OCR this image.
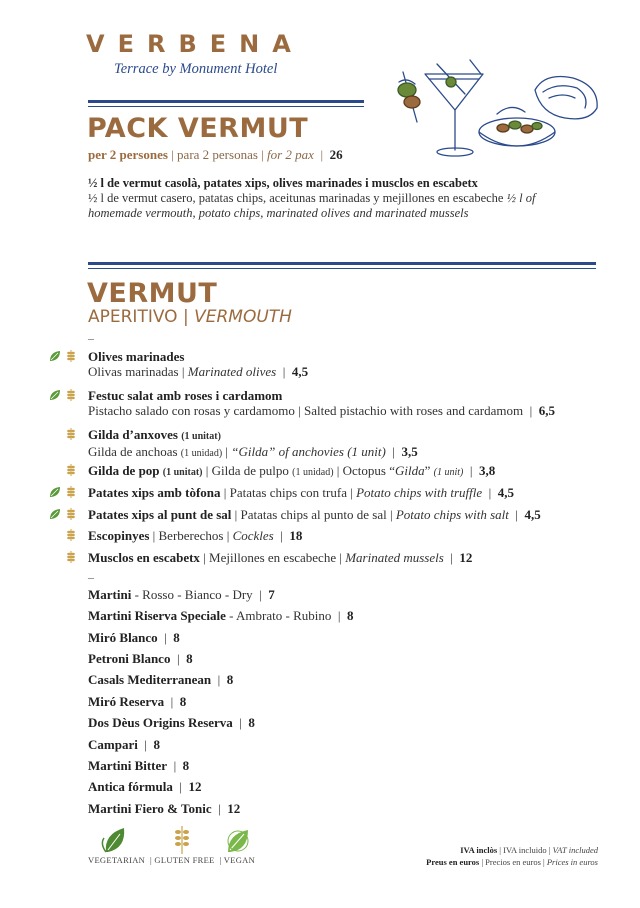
VERBENA
Terrace by Monument Hotel
PACK VERMUT
per 2 persones | para 2 personas | for 2 pax | 26
½ l de vermut casolà, patates xips, olives marinades i musclos en escabetx
½ l de vermut casero, patatas chips, aceitunas marinadas y mejillones en escabeche ½ l of homemade vermouth, potato chips, marinated olives and marinated mussels
VERMUT
APERITIVO | VERMOUTH
–
Olives marinades
Olivas marinadas | Marinated olives | 4,5
Festuc salat amb roses i cardamom
Pistacho salado con rosas y cardamomo | Salted pistachio with roses and cardamom | 6,5
Gilda d’anxoves (1 unitat)
Gilda de anchoas (1 unidad) | “Gilda” of anchovies (1 unit) | 3,5
Gilda de pop (1 unitat) | Gilda de pulpo (1 unidad) | Octopus “Gilda” (1 unit) | 3,8
Patates xips amb tòfona | Patatas chips con trufa | Potato chips with truffle | 4,5
Patates xips al punt de sal | Patatas chips al punto de sal | Potato chips with salt | 4,5
Escopinyes | Berberechos | Cockles | 18
Musclos en escabetx | Mejillones en escabeche | Marinated mussels | 12
–
Martini - Rosso - Bianco - Dry | 7
Martini Riserva Speciale - Ambrato - Rubino | 8
Miró Blanco | 8
Petroni Blanco | 8
Casals Mediterranean | 8
Miró Reserva | 8
Dos Dèus Origins Reserva | 8
Campari | 8
Martini Bitter | 8
Antica fórmula | 12
Martini Fiero & Tonic | 12
VEGETARIAN | GLUTEN FREE | VEGAN
IVA inclòs | IVA incluido | VAT included
Preus en euros | Precios en euros | Prices in euros
